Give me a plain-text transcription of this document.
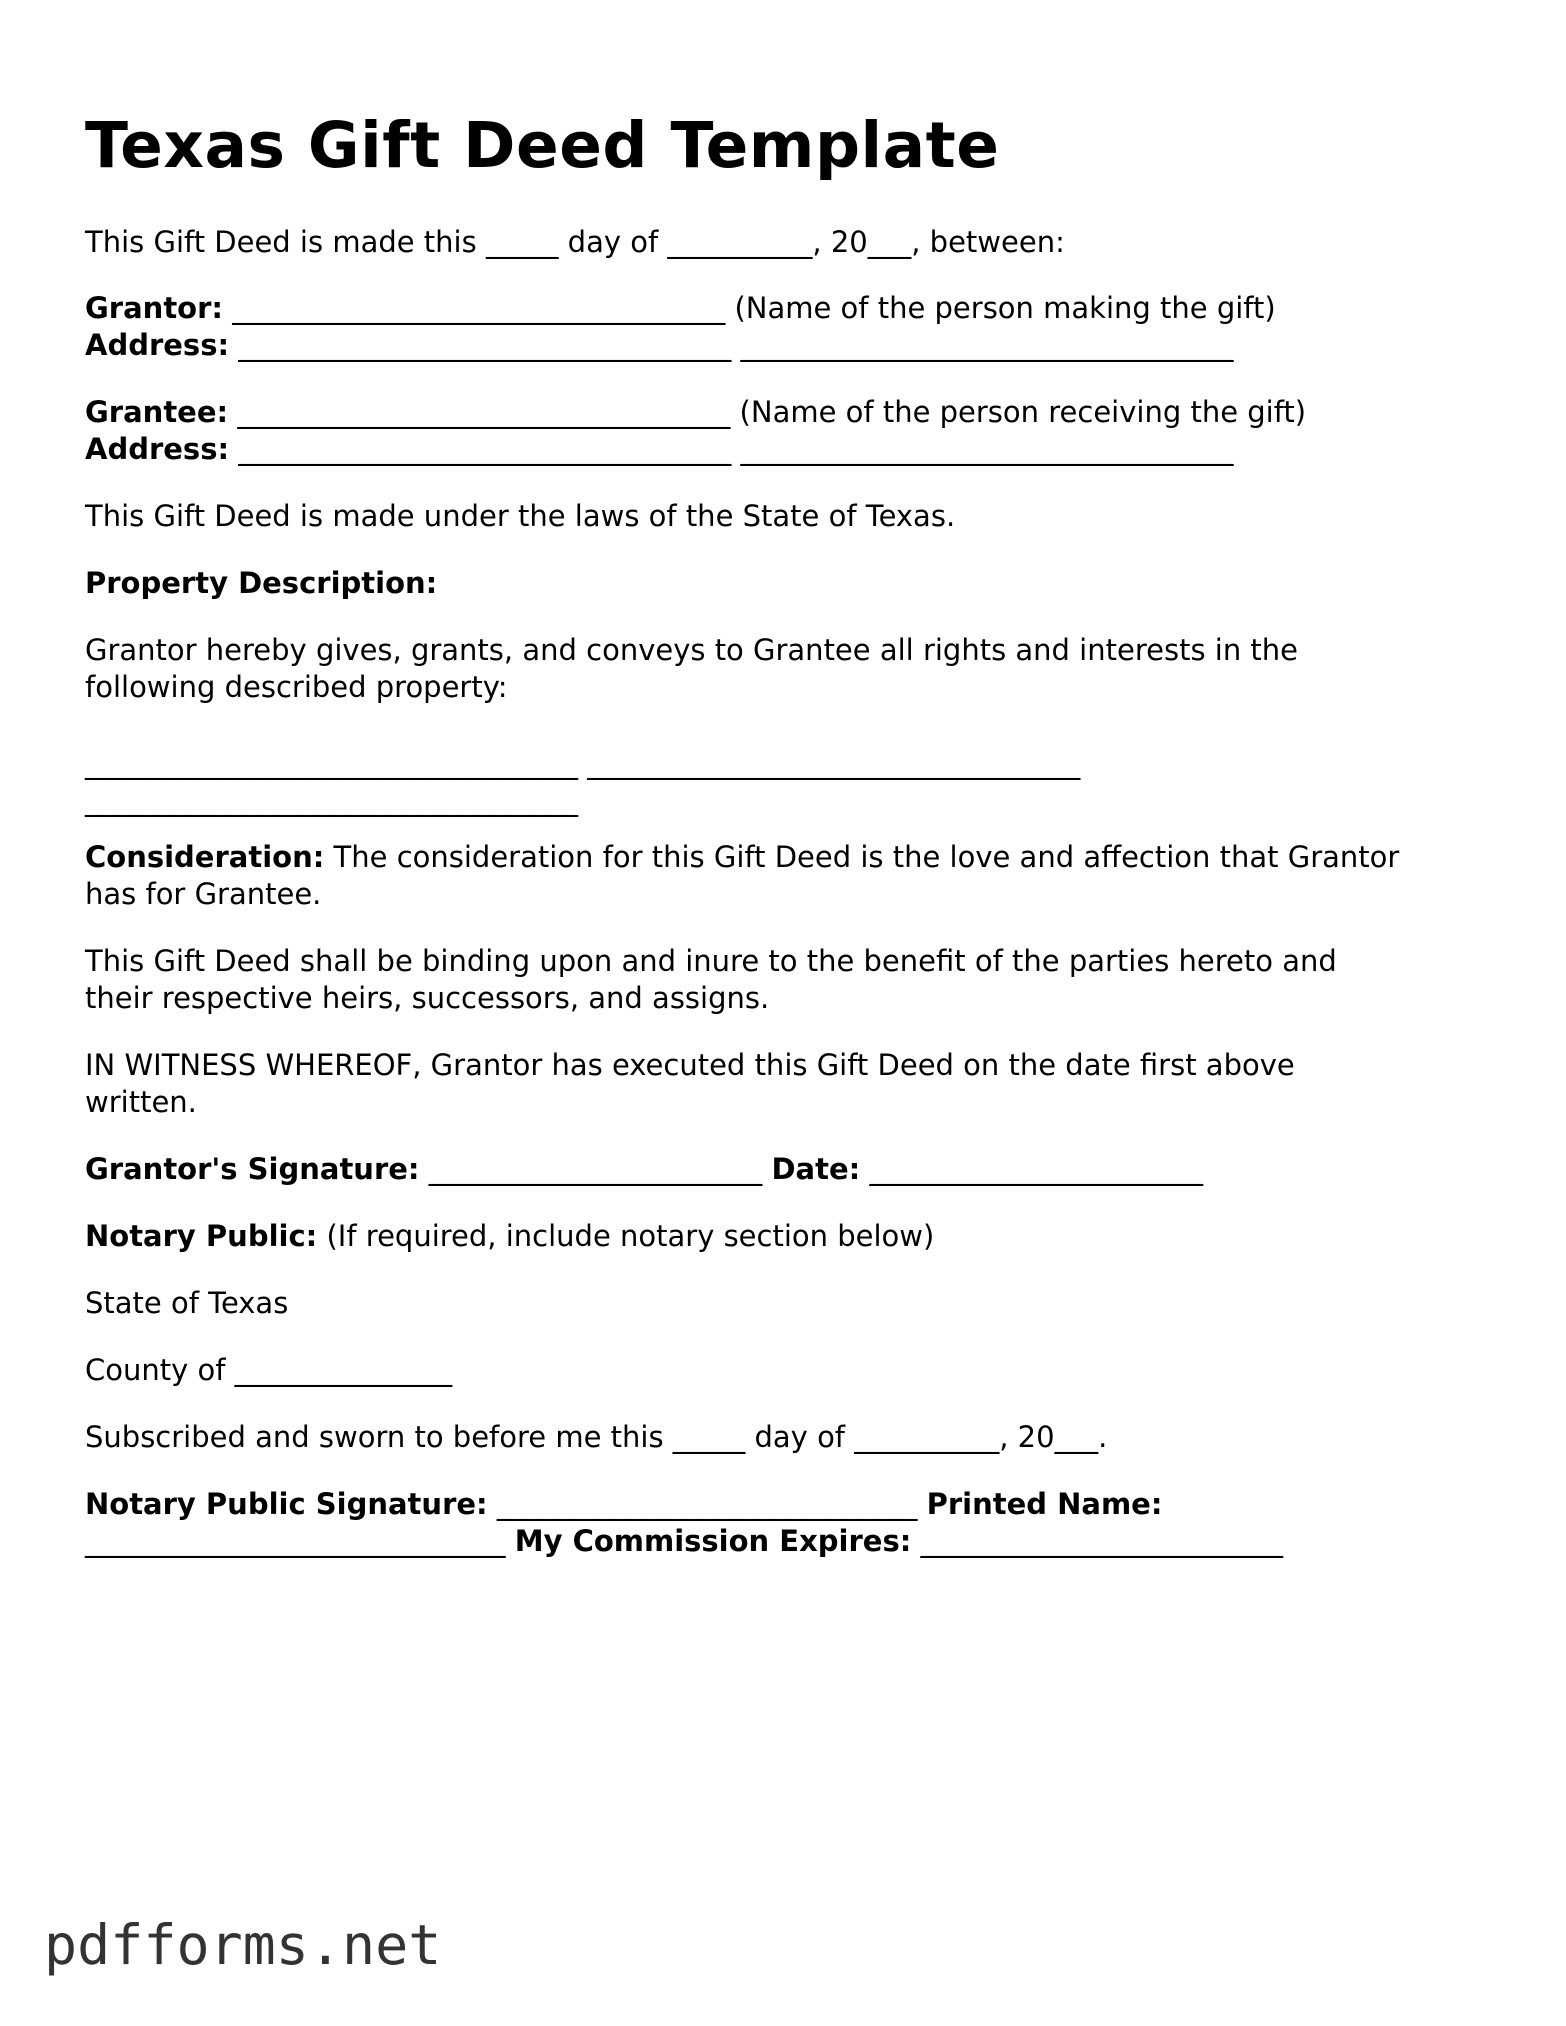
Texas Gift Deed Template

This Gift Deed is made this _____ day of __________, 20___, between:

Grantor: __________________________________ (Name of the person making the gift)

Address: __________________________________ __________________________________

Grantee: __________________________________ (Name of the person receiving the gift)

Address: __________________________________ __________________________________

This Gift Deed is made under the laws of the State of Texas.

Property Description:

Grantor hereby gives, grants, and conveys to Grantee all rights and interests in the

following described property:

__________________________________ __________________________________

__________________________________

Consideration: The consideration for this Gift Deed is the love and affection that Grantor

has for Grantee.

This Gift Deed shall be binding upon and inure to the benefit of the parties hereto and

their respective heirs, successors, and assigns.

IN WITNESS WHEREOF, Grantor has executed this Gift Deed on the date first above

written.

Grantor's Signature: _______________________ Date: _______________________

Notary Public: (If required, include notary section below)

State of Texas

County of _______________

Subscribed and sworn to before me this _____ day of __________, 20___.

Notary Public Signature: _____________________________ Printed Name:

_____________________________ My Commission Expires: _________________________

pdfforms.net
